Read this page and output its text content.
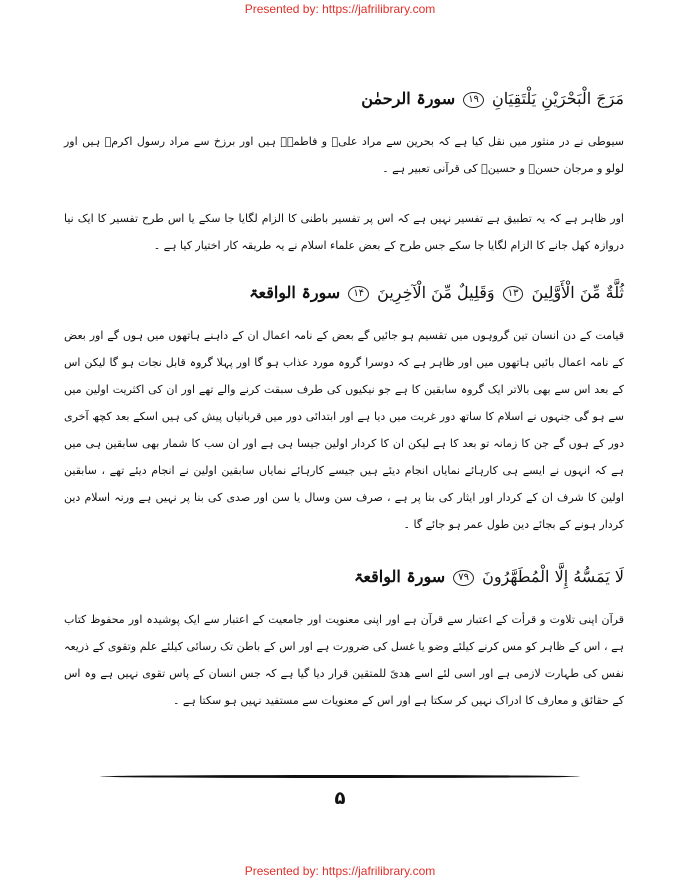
Presented by: https://jafrilibrary.com
مَرَجَ الْبَحْرَيْنِ يَلْتَقِيَانِ ۱۹ سورۃ الرحمٰن
سیوطی نے در منثور میں نقل کیا ہے کہ بحرین سے مراد علیؑ و فاطمہؑ ہیں اور برزخ سے مراد رسول اکرمؐ ہیں اور لولو و مرجان حسنؑ و حسینؑ کی قرآنی تعبیر ہے ۔
اور ظاہر ہے کہ یہ تطبیق ہے تفسیر نہیں ہے کہ اس پر تفسیر باطنی کا الزام لگایا جا سکے یا اس طرح تفسیر کا ایک نیا دروازہ کھل جانے کا الزام لگایا جا سکے جس طرح کے بعض علماء اسلام نے یہ طریقہ کار اختیار کیا ہے ۔
ثُلَّةٌ مِّنَ الْأَوَّلِينَ ۱۳ وَقَلِيلٌ مِّنَ الْآخِرِينَ ۱۴ سورۃ الواقعۃ
قیامت کے دن انسان تین گروہوں میں تقسیم ہو جائیں گے بعض کے نامہ اعمال ان کے داہنے ہاتھوں میں ہوں گے اور بعض کے نامہ اعمال بائیں ہاتھوں میں اور ظاہر ہے کہ دوسرا گروہ مورد عذاب ہو گا اور پہلا گروہ قابل نجات ہو گا لیکن اس کے بعد اس سے بھی بالاتر ایک گروہ سابقین کا ہے جو نیکیوں کی طرف سبقت کرنے والے تھے اور ان کی اکثریت اولین میں سے ہو گی جنہوں نے اسلام کا ساتھ دور غربت میں دیا ہے اور ابتدائی دور میں قربانیاں پیش کی ہیں اسکے بعد کچھ آخری دور کے ہوں گے جن کا زمانہ تو بعد کا ہے لیکن ان کا کردار اولین جیسا ہی ہے اور ان سب کا شمار بھی سابقین ہی میں ہے کہ انہوں نے ایسے ہی کارہائے نمایاں انجام دیئے ہیں جیسے کارہائے نمایاں سابقین اولین نے انجام دیئے تھے ، سابقین اولین کا شرف ان کے کردار اور ایثار کی بنا پر ہے ، صرف سن وسال یا سن اور صدی کی بنا پر نہیں ہے ورنہ اسلام دین کردار ہونے کے بجائے دین طول عمر ہو جائے گا ۔
لَا يَمَسُّهُ إِلَّا الْمُطَهَّرُونَ ۷۹ سورۃ الواقعۃ
قرآن اپنی تلاوت و قرأت کے اعتبار سے قرآن ہے اور اپنی معنویت اور جامعیت کے اعتبار سے ایک پوشیدہ اور محفوظ کتاب ہے ، اس کے ظاہر کو مس کرنے کیلئے وضو یا غسل کی ضرورت ہے اور اس کے باطن تک رسائی کیلئے علم وتقوی کے ذریعہ نفس کی طہارت لازمی ہے اور اسی لئے اسے ھدیً للمتقین قرار دیا گیا ہے کہ جس انسان کے پاس تقوی نہیں ہے وہ اس کے حقائق و معارف کا ادراک نہیں کر سکتا ہے اور اس کے معنویات سے مستفید نہیں ہو سکتا ہے ۔
۵
Presented by: https://jafrilibrary.com
